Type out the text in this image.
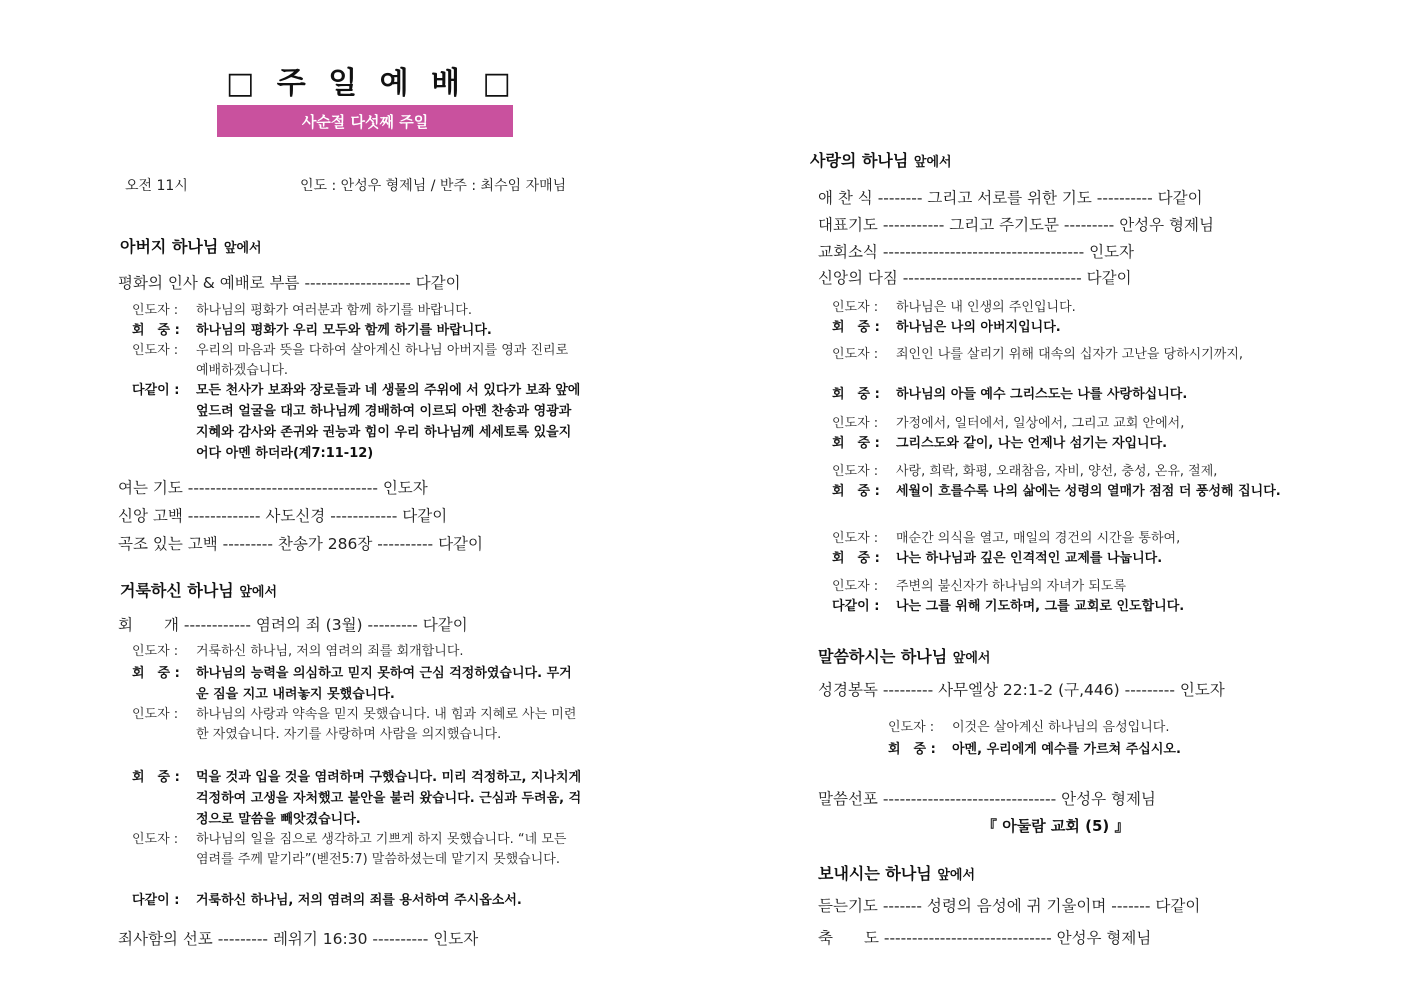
□ 주 일 예 배 □
사순절 다섯째 주일
오전 11시	인도 : 안성우 형제님 / 반주 : 최수임 자매님
아버지 하나님 앞에서
평화의 인사 & 예배로 부름 ------------------- 다같이
인도자 :	하나님의 평화가 여러분과 함께 하기를 바랍니다.
회　중 :	하나님의 평화가 우리 모두와 함께 하기를 바랍니다.
인도자 :	우리의 마음과 뜻을 다하여 살아계신 하나님 아버지를 영과 진리로 예배하겠습니다.
다같이 :	모든 천사가 보좌와 장로들과 네 생물의 주위에 서 있다가 보좌 앞에 엎드려 얼굴을 대고 하나님께 경배하여 이르되 아멘 찬송과 영광과 지혜와 감사와 존귀와 권능과 힘이 우리 하나님께 세세토록 있을지어다 아멘 하더라(계7:11-12)
여는 기도 ---------------------------------- 인도자
신앙 고백 ------------- 사도신경 ------------ 다같이
곡조 있는 고백 --------- 찬송가 286장 ---------- 다같이
거룩하신 하나님 앞에서
회　　개 ------------ 염려의 죄 (3월) --------- 다같이
인도자 :	거룩하신 하나님, 저의 염려의 죄를 회개합니다.
회　중 :	하나님의 능력을 의심하고 믿지 못하여 근심 걱정하였습니다. 무거운 짐을 지고 내려놓지 못했습니다.
인도자 :	하나님의 사랑과 약속을 믿지 못했습니다. 내 힘과 지혜로 사는 미련한 자였습니다. 자기를 사랑하며 사람을 의지했습니다.
회　중 :	먹을 것과 입을 것을 염려하며 구했습니다. 미리 걱정하고, 지나치게 걱정하여 고생을 자처했고 불안을 불러 왔습니다. 근심과 두려움, 걱정으로 말씀을 빼앗겼습니다.
인도자 :	하나님의 일을 짐으로 생각하고 기쁘게 하지 못했습니다. “네 모든 염려를 주께 맡기라”(벧전5:7) 말씀하셨는데 맡기지 못했습니다.
다같이 :	거룩하신 하나님, 저의 염려의 죄를 용서하여 주시옵소서.
죄사함의 선포 --------- 레위기 16:30 ---------- 인도자
사랑의 하나님 앞에서
애 찬 식 -------- 그리고 서로를 위한 기도 ---------- 다같이
대표기도 ----------- 그리고 주기도문 --------- 안성우 형제님
교회소식 ------------------------------------ 인도자
신앙의 다짐 -------------------------------- 다같이
인도자 :	하나님은 내 인생의 주인입니다.
회　중 :	하나님은 나의 아버지입니다.
인도자 :	죄인인 나를 살리기 위해 대속의 십자가 고난을 당하시기까지,
회　중 :	하나님의 아들 예수 그리스도는 나를 사랑하십니다.
인도자 :	가정에서, 일터에서, 일상에서, 그리고 교회 안에서,
회　중 :	그리스도와 같이, 나는 언제나 섬기는 자입니다.
인도자 :	사랑, 희락, 화평, 오래참음, 자비, 양선, 충성, 온유, 절제,
회　중 :	세월이 흐를수록 나의 삶에는 성령의 열매가 점점 더 풍성해 집니다.
인도자 :	매순간 의식을 열고, 매일의 경건의 시간을 통하여,
회　중 :	나는 하나님과 깊은 인격적인 교제를 나눕니다.
인도자 :	주변의 불신자가 하나님의 자녀가 되도록
다같이 :	나는 그를 위해 기도하며, 그를 교회로 인도합니다.
말씀하시는 하나님 앞에서
성경봉독 --------- 사무엘상 22:1-2 (구,446) --------- 인도자
인도자 :	이것은 살아계신 하나님의 음성입니다.
회　중 :	아멘, 우리에게 예수를 가르쳐 주십시오.
말씀선포 ------------------------------- 안성우 형제님
『 아둘람 교회 (5) 』
보내시는 하나님 앞에서
듣는기도 ------- 성령의 음성에 귀 기울이며 ------- 다같이
축　　도 ------------------------------ 안성우 형제님
